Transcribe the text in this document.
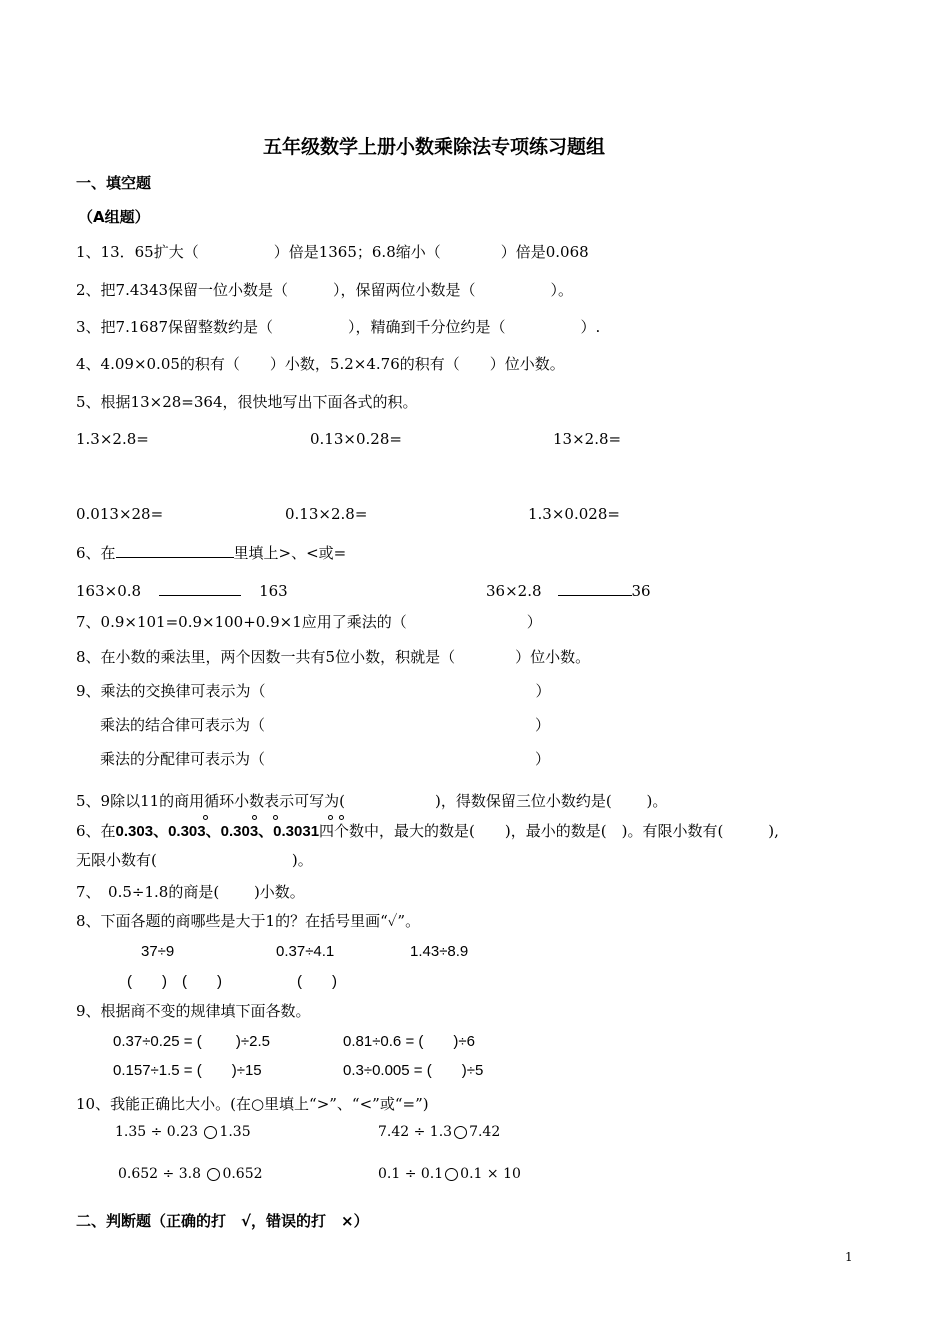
五年级数学上册小数乘除法专项练习题组
一、填空题
（A组题）
1、13．65扩大（　　　　　）倍是1365；6.8缩小（　　　　）倍是0.068
2、把7.4343保留一位小数是（　　　），保留两位小数是（　　　　　）。
3、把7.1687保留整数约是（　　　　　），精确到千分位约是（　　　　　）.
4、4.09×0.05的积有（　　）小数，5.2×4.76的积有（　　）位小数。
5、根据13×28=364，很快地写出下面各式的积。
1.3×2.8=	0.13×0.28=	13×2.8=
0.013×28=	0.13×2.8=	1.3×0.028=
6、在	里填上>、<或=
163×0.8	163	36×2.8	36
7、0.9×101=0.9×100+0.9×1应用了乘法的（　　　　　　　　）
8、在小数的乘法里，两个因数一共有5位小数，积就是（　　　　）位小数。
9、乘法的交换律可表示为（　　　　　　　　　　　　　　　　　　）
乘法的结合律可表示为（　　　　　　　　　　　　　　　　　　）
乘法的分配律可表示为（　　　　　　　　　　　　　　　　　　）
5、9除以11的商用循环小数表示可写为(　　　　　　)，得数保留三位小数约是(　　 )。
6、在0.303、0.303、0.303、0.3031
四个数中，最大的数是(　　)，最小的数是(　)。有限小数有(　　　),
无限小数有(　　　　　　　　　)。
7、　0.5÷1.8的商是(　　 )小数。
8、下面各题的商哪些是大于1的？在括号里画“✓”。
37÷9	0.37÷4.1	1.43÷8.9
(　　)　(　　)　　　　　(　　)
9、根据商不变的规律填下面各数。
0.37÷0.25 = (　　 )÷2.5	0.81÷0.6 = (　　)÷6
0.157÷1.5 = (　　)÷15	0.3÷0.005 = (　　)÷5
10、我能正确比大小。(在○里填上“>”、“<”或“=”)
1.35 ÷ 0.23 1.35	7.42 ÷ 1.3 7.42
0.652 ÷ 3.8 0.652	0.1 ÷ 0.1 0.1 × 10
二、判断题（正确的打　√，错误的打　×）
1
